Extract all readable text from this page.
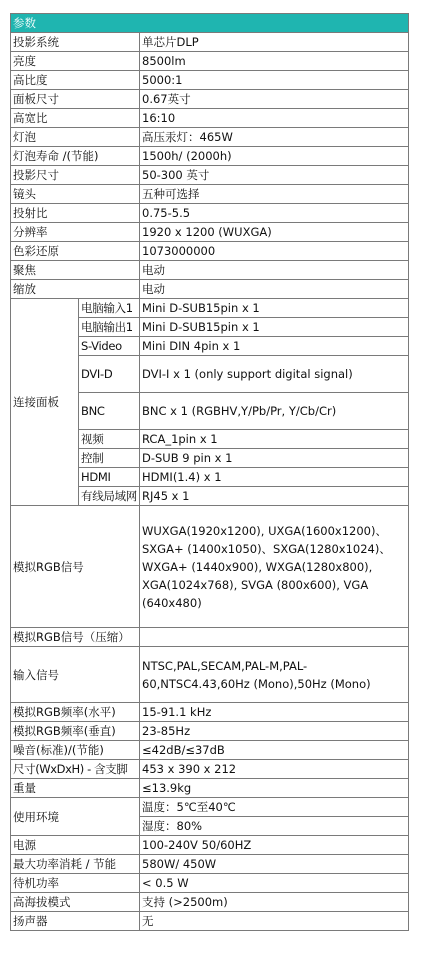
参数		
投影系统		单芯片DLP
亮度		8500lm
高比度		5000:1
面板尺寸		0.67英寸
高宽比		16:10
灯泡		高压汞灯：465W
灯泡寿命 /(节能)		1500h/ (2000h)
投影尺寸		50-300 英寸
镜头		五种可选择
投射比		0.75-5.5
分辨率		1920 x 1200 (WUXGA)
色彩还原		1073000000
聚焦		电动
缩放		电动
连接面板	电脑输入1	Mini D-SUB15pin x 1
	电脑输出1	Mini D-SUB15pin x 1
	S-Video	Mini DIN 4pin x 1
	DVI-D	DVI-I x 1 (only support digital signal)
	BNC	BNC x 1 (RGBHV,Y/Pb/Pr, Y/Cb/Cr)
	视频	RCA_1pin x 1
	控制	D-SUB 9 pin x 1
	HDMI	HDMI(1.4) x 1
	有线局域网	RJ45 x 1
模拟RGB信号		WUXGA(1920x1200), UXGA(1600x1200)、SXGA+ (1400x1050)、SXGA(1280x1024)、WXGA+ (1440x900), WXGA(1280x800), XGA(1024x768), SVGA (800x600), VGA (640x480)
模拟RGB信号（压缩）		
输入信号		NTSC,PAL,SECAM,PAL-M,PAL-60,NTSC4.43,60Hz (Mono),50Hz (Mono)
模拟RGB频率(水平)		15-91.1 kHz
模拟RGB频率(垂直)		23-85Hz
噪音(标准)/(节能)		≤42dB/≤37dB
尺寸(WxDxH) - 含支脚		453 x 390 x 212
重量		≤13.9kg
使用环境		温度：5℃至40℃
		湿度：80%
电源		100-240V 50/60HZ
最大功率消耗 / 节能		580W/ 450W
待机功率		< 0.5 W
高海拔模式		支持 (>2500m)
扬声器		无
